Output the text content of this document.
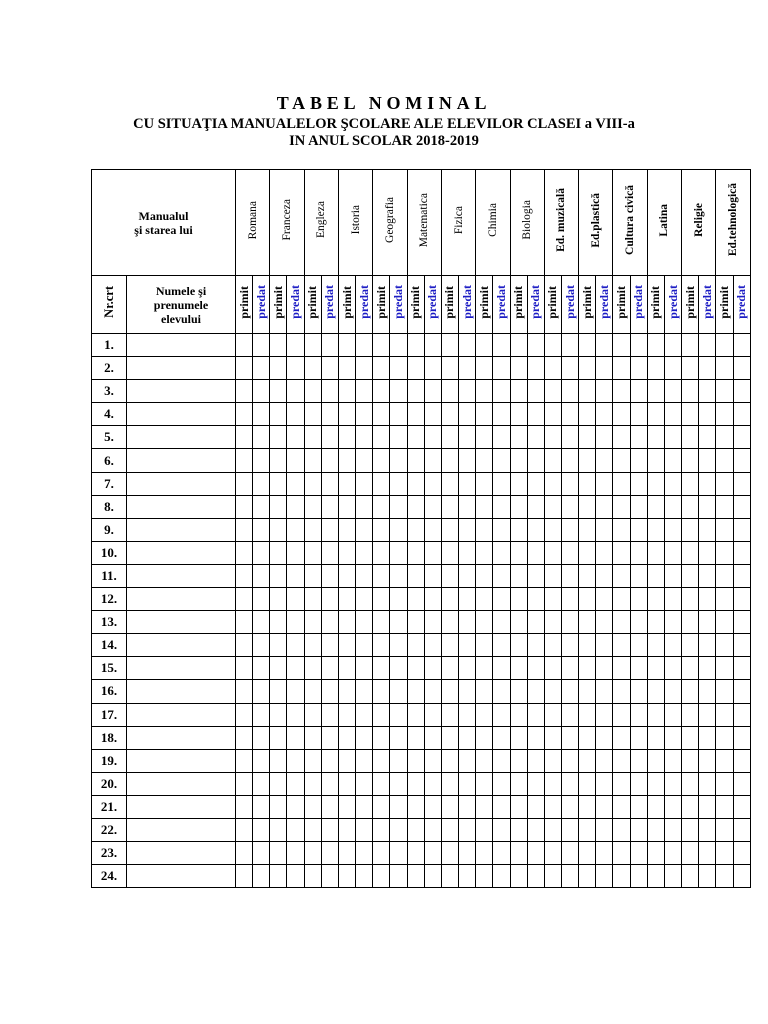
TABEL NOMINAL
CU SITUAŢIA MANUALELOR ŞCOLARE ALE ELEVILOR CLASEI a VIII-a
IN ANUL SCOLAR 2018-2019
Manualul
şi starea lui		Romana		Franceza		Engleza		Istoria		Geografia		Matematica		Fizica		Chimia		Biologia		Ed. muzicală		Ed.plastică		Cultura civică		Latina		Religie		Ed.tehnologică	
Nr.crt	Numele şi
prenumele
elevului	primit	predat	primit	predat	primit	predat	primit	predat	primit	predat	primit	predat	primit	predat	primit	predat	primit	predat	primit	predat	primit	predat	primit	predat	primit	predat	primit	predat	primit	predat
1.																															
2.																															
3.																															
4.																															
5.																															
6.																															
7.																															
8.																															
9.																															
10.																															
11.																															
12.																															
13.																															
14.																															
15.																															
16.																															
17.																															
18.																															
19.																															
20.																															
21.																															
22.																															
23.																															
24.																															
